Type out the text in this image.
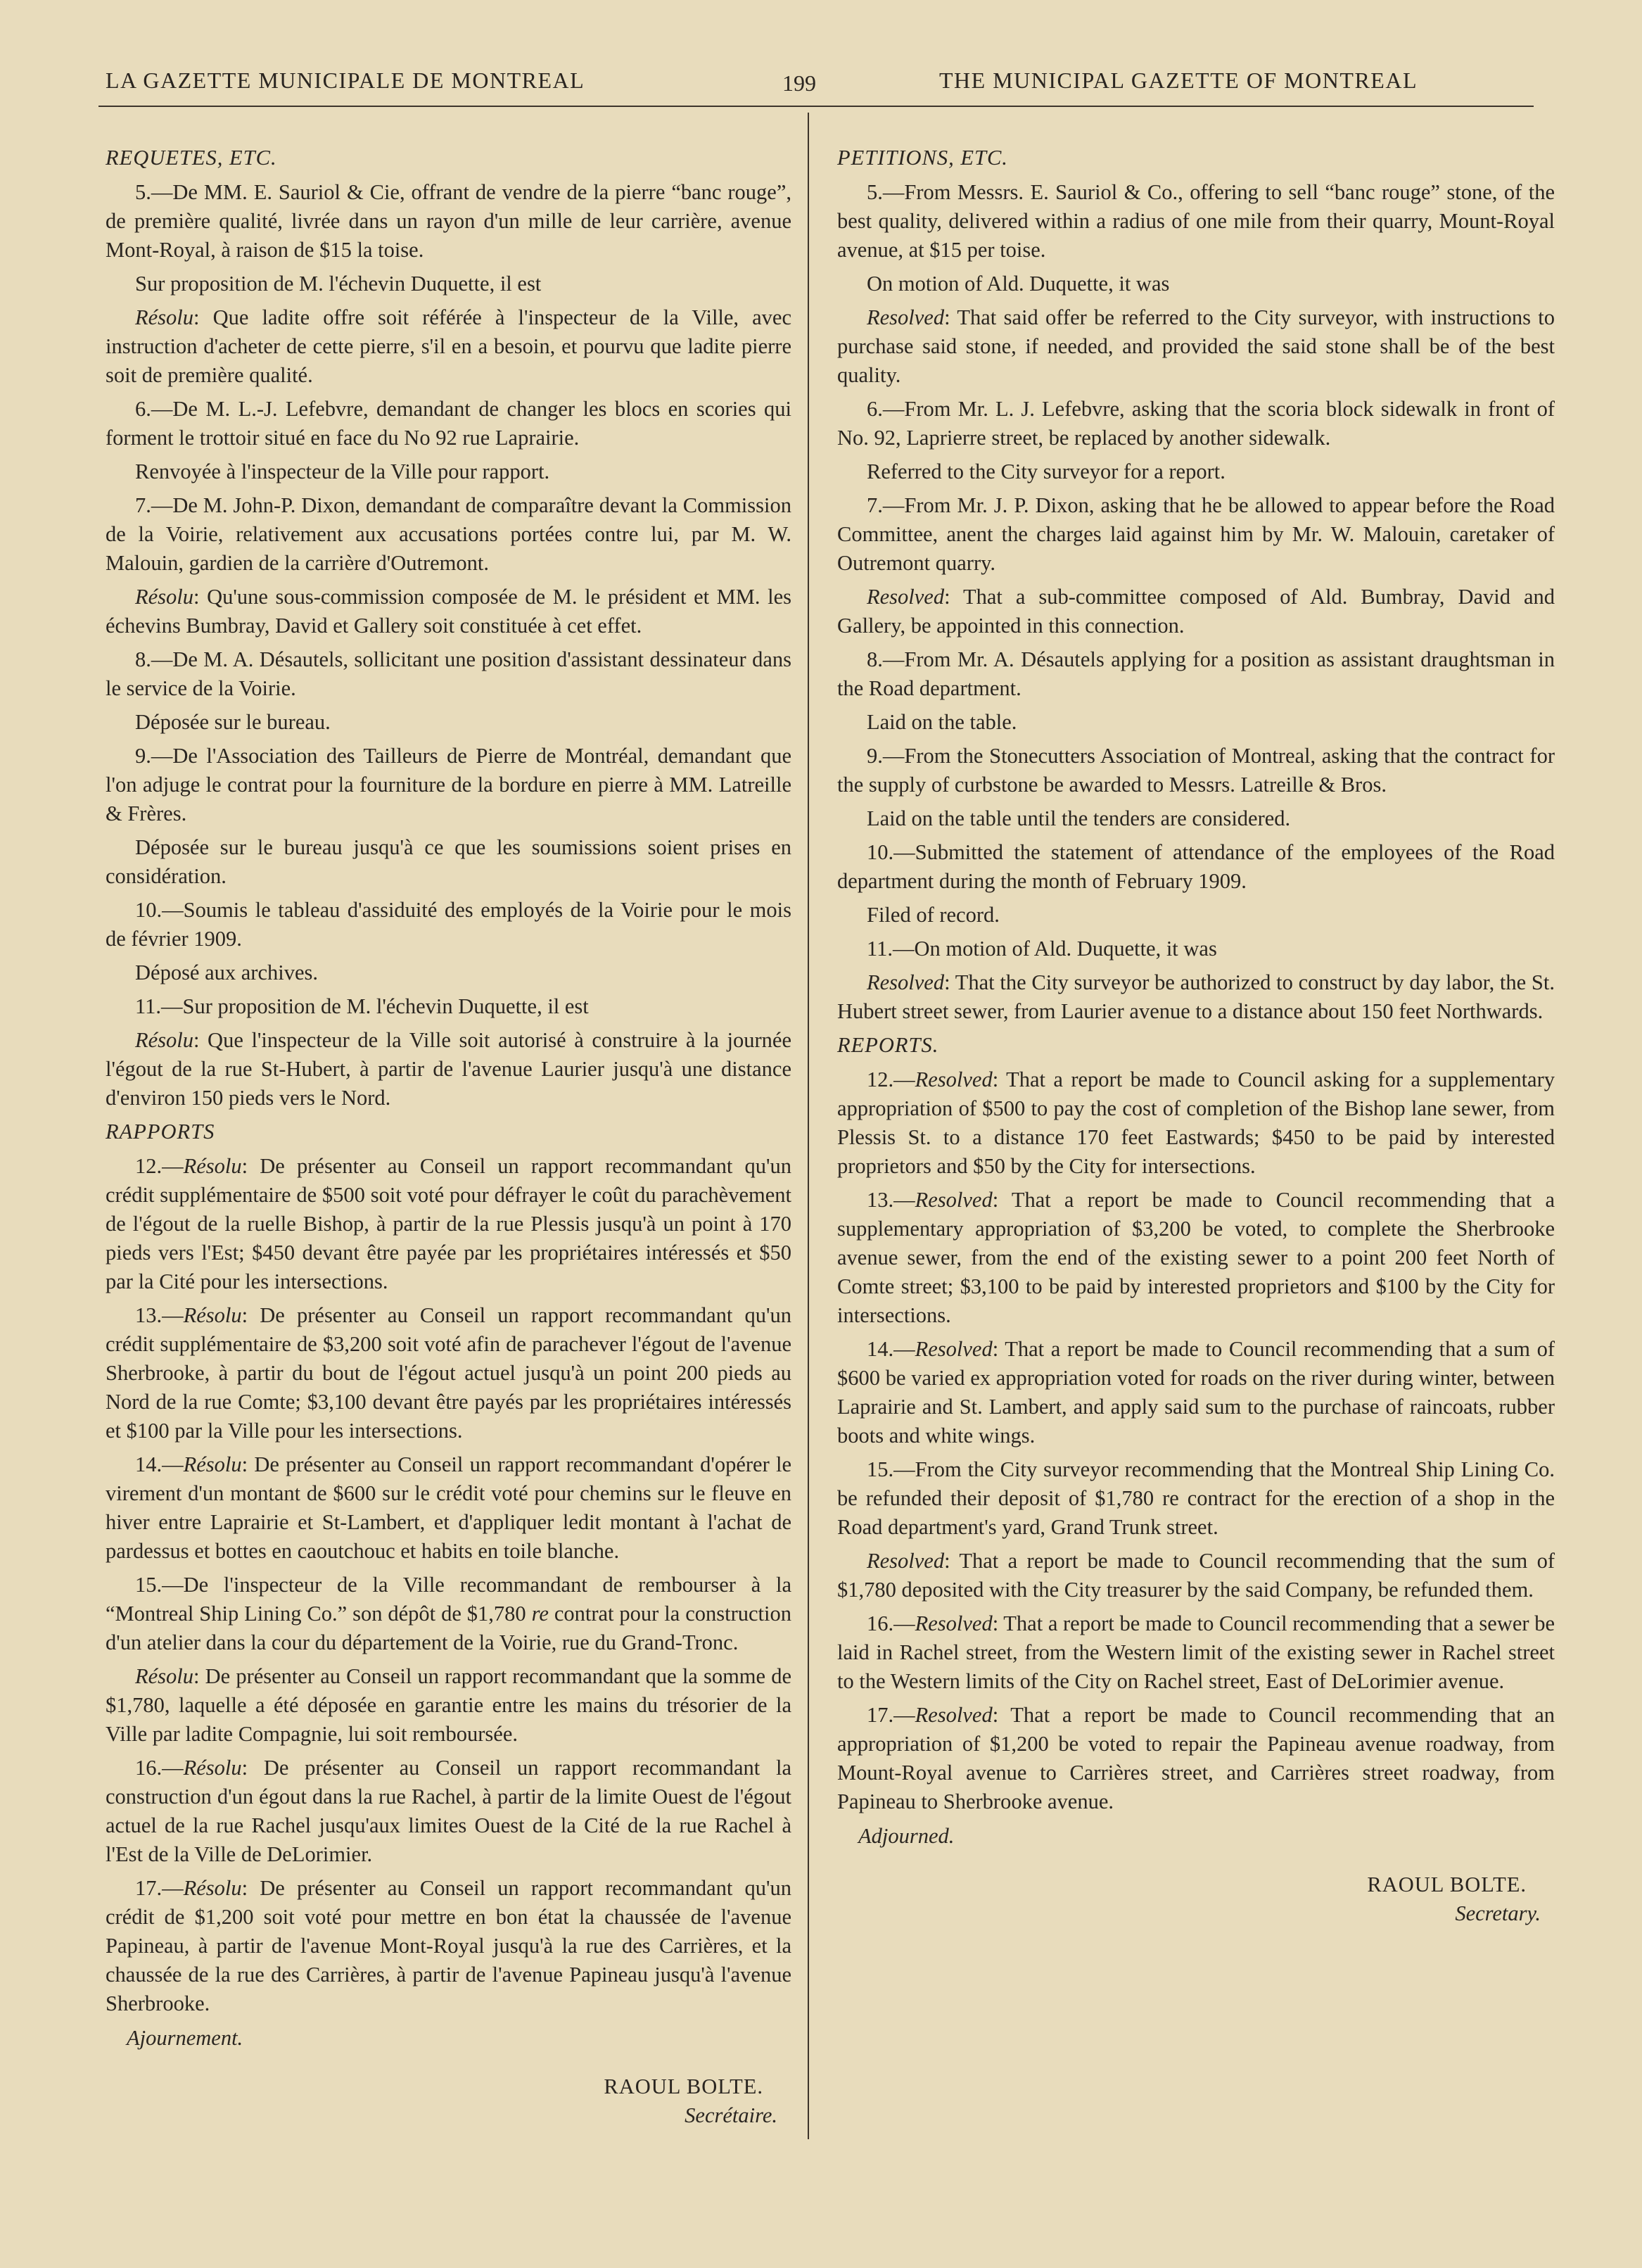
LA GAZETTE MUNICIPALE DE MONTREAL	199	THE MUNICIPAL GAZETTE OF MONTREAL

REQUETES, ETC.

5.—De MM. E. Sauriol & Cie, offrant de vendre de la pierre “banc rouge”, de première qualité, livrée dans un rayon d'un mille de leur carrière, avenue Mont-Royal, à raison de $15 la toise.

Sur proposition de M. l'échevin Duquette, il est

Résolu: Que ladite offre soit référée à l'inspecteur de la Ville, avec instruction d'acheter de cette pierre, s'il en a besoin, et pourvu que ladite pierre soit de première qualité.

6.—De M. L.-J. Lefebvre, demandant de changer les blocs en scories qui forment le trottoir situé en face du No 92 rue Laprairie.

Renvoyée à l'inspecteur de la Ville pour rapport.

7.—De M. John-P. Dixon, demandant de comparaître devant la Commission de la Voirie, relativement aux accusations portées contre lui, par M. W. Malouin, gardien de la carrière d'Outremont.

Résolu: Qu'une sous-commission composée de M. le président et MM. les échevins Bumbray, David et Gallery soit constituée à cet effet.

8.—De M. A. Désautels, sollicitant une position d'assistant dessinateur dans le service de la Voirie.

Déposée sur le bureau.

9.—De l'Association des Tailleurs de Pierre de Montréal, demandant que l'on adjuge le contrat pour la fourniture de la bordure en pierre à MM. Latreille & Frères.

Déposée sur le bureau jusqu'à ce que les soumissions soient prises en considération.

10.—Soumis le tableau d'assiduité des employés de la Voirie pour le mois de février 1909.

Déposé aux archives.

11.—Sur proposition de M. l'échevin Duquette, il est

Résolu: Que l'inspecteur de la Ville soit autorisé à construire à la journée l'égout de la rue St-Hubert, à partir de l'avenue Laurier jusqu'à une distance d'environ 150 pieds vers le Nord.

RAPPORTS

12.—Résolu: De présenter au Conseil un rapport recommandant qu'un crédit supplémentaire de $500 soit voté pour défrayer le coût du parachèvement de l'égout de la ruelle Bishop, à partir de la rue Plessis jusqu'à un point à 170 pieds vers l'Est; $450 devant être payée par les propriétaires intéressés et $50 par la Cité pour les intersections.

13.—Résolu: De présenter au Conseil un rapport recommandant qu'un crédit supplémentaire de $3,200 soit voté afin de parachever l'égout de l'avenue Sherbrooke, à partir du bout de l'égout actuel jusqu'à un point 200 pieds au Nord de la rue Comte; $3,100 devant être payés par les propriétaires intéressés et $100 par la Ville pour les intersections.

14.—Résolu: De présenter au Conseil un rapport recommandant d'opérer le virement d'un montant de $600 sur le crédit voté pour chemins sur le fleuve en hiver entre Laprairie et St-Lambert, et d'appliquer ledit montant à l'achat de pardessus et bottes en caoutchouc et habits en toile blanche.

15.—De l'inspecteur de la Ville recommandant de rembourser à la “Montreal Ship Lining Co.” son dépôt de $1,780 re contrat pour la construction d'un atelier dans la cour du département de la Voirie, rue du Grand-Tronc.

Résolu: De présenter au Conseil un rapport recommandant que la somme de $1,780, laquelle a été déposée en garantie entre les mains du trésorier de la Ville par ladite Compagnie, lui soit remboursée.

16.—Résolu: De présenter au Conseil un rapport recommandant la construction d'un égout dans la rue Rachel, à partir de la limite Ouest de l'égout actuel de la rue Rachel jusqu'aux limites Ouest de la Cité de la rue Rachel à l'Est de la Ville de DeLorimier.

17.—Résolu: De présenter au Conseil un rapport recommandant qu'un crédit de $1,200 soit voté pour mettre en bon état la chaussée de l'avenue Papineau, à partir de l'avenue Mont-Royal jusqu'à la rue des Carrières, et la chaussée de la rue des Carrières, à partir de l'avenue Papineau jusqu'à l'avenue Sherbrooke.

Ajournement.

RAOUL BOLTE.

Secrétaire.

PETITIONS, ETC.

5.—From Messrs. E. Sauriol & Co., offering to sell “banc rouge” stone, of the best quality, delivered within a radius of one mile from their quarry, Mount-Royal avenue, at $15 per toise.

On motion of Ald. Duquette, it was

Resolved: That said offer be referred to the City surveyor, with instructions to purchase said stone, if needed, and provided the said stone shall be of the best quality.

6.—From Mr. L. J. Lefebvre, asking that the scoria block sidewalk in front of No. 92, Laprierre street, be replaced by another sidewalk.

Referred to the City surveyor for a report.

7.—From Mr. J. P. Dixon, asking that he be allowed to appear before the Road Committee, anent the charges laid against him by Mr. W. Malouin, caretaker of Outremont quarry.

Resolved: That a sub-committee composed of Ald. Bumbray, David and Gallery, be appointed in this connection.

8.—From Mr. A. Désautels applying for a position as assistant draughtsman in the Road department.

Laid on the table.

9.—From the Stonecutters Association of Montreal, asking that the contract for the supply of curbstone be awarded to Messrs. Latreille & Bros.

Laid on the table until the tenders are considered.

10.—Submitted the statement of attendance of the employees of the Road department during the month of February 1909.

Filed of record.

11.—On motion of Ald. Duquette, it was

Resolved: That the City surveyor be authorized to construct by day labor, the St. Hubert street sewer, from Laurier avenue to a distance about 150 feet Northwards.

REPORTS.

12.—Resolved: That a report be made to Council asking for a supplementary appropriation of $500 to pay the cost of completion of the Bishop lane sewer, from Plessis St. to a distance 170 feet Eastwards; $450 to be paid by interested proprietors and $50 by the City for intersections.

13.—Resolved: That a report be made to Council recommending that a supplementary appropriation of $3,200 be voted, to complete the Sherbrooke avenue sewer, from the end of the existing sewer to a point 200 feet North of Comte street; $3,100 to be paid by interested proprietors and $100 by the City for intersections.

14.—Resolved: That a report be made to Council recommending that a sum of $600 be varied ex appropriation voted for roads on the river during winter, between Laprairie and St. Lambert, and apply said sum to the purchase of raincoats, rubber boots and white wings.

15.—From the City surveyor recommending that the Montreal Ship Lining Co. be refunded their deposit of $1,780 re contract for the erection of a shop in the Road department's yard, Grand Trunk street.

Resolved: That a report be made to Council recommending that the sum of $1,780 deposited with the City treasurer by the said Company, be refunded them.

16.—Resolved: That a report be made to Council recommending that a sewer be laid in Rachel street, from the Western limit of the existing sewer in Rachel street to the Western limits of the City on Rachel street, East of DeLorimier avenue.

17.—Resolved: That a report be made to Council recommending that an appropriation of $1,200 be voted to repair the Papineau avenue roadway, from Mount-Royal avenue to Carrières street, and Carrières street roadway, from Papineau to Sherbrooke avenue.

Adjourned.

RAOUL BOLTE.

Secretary.
